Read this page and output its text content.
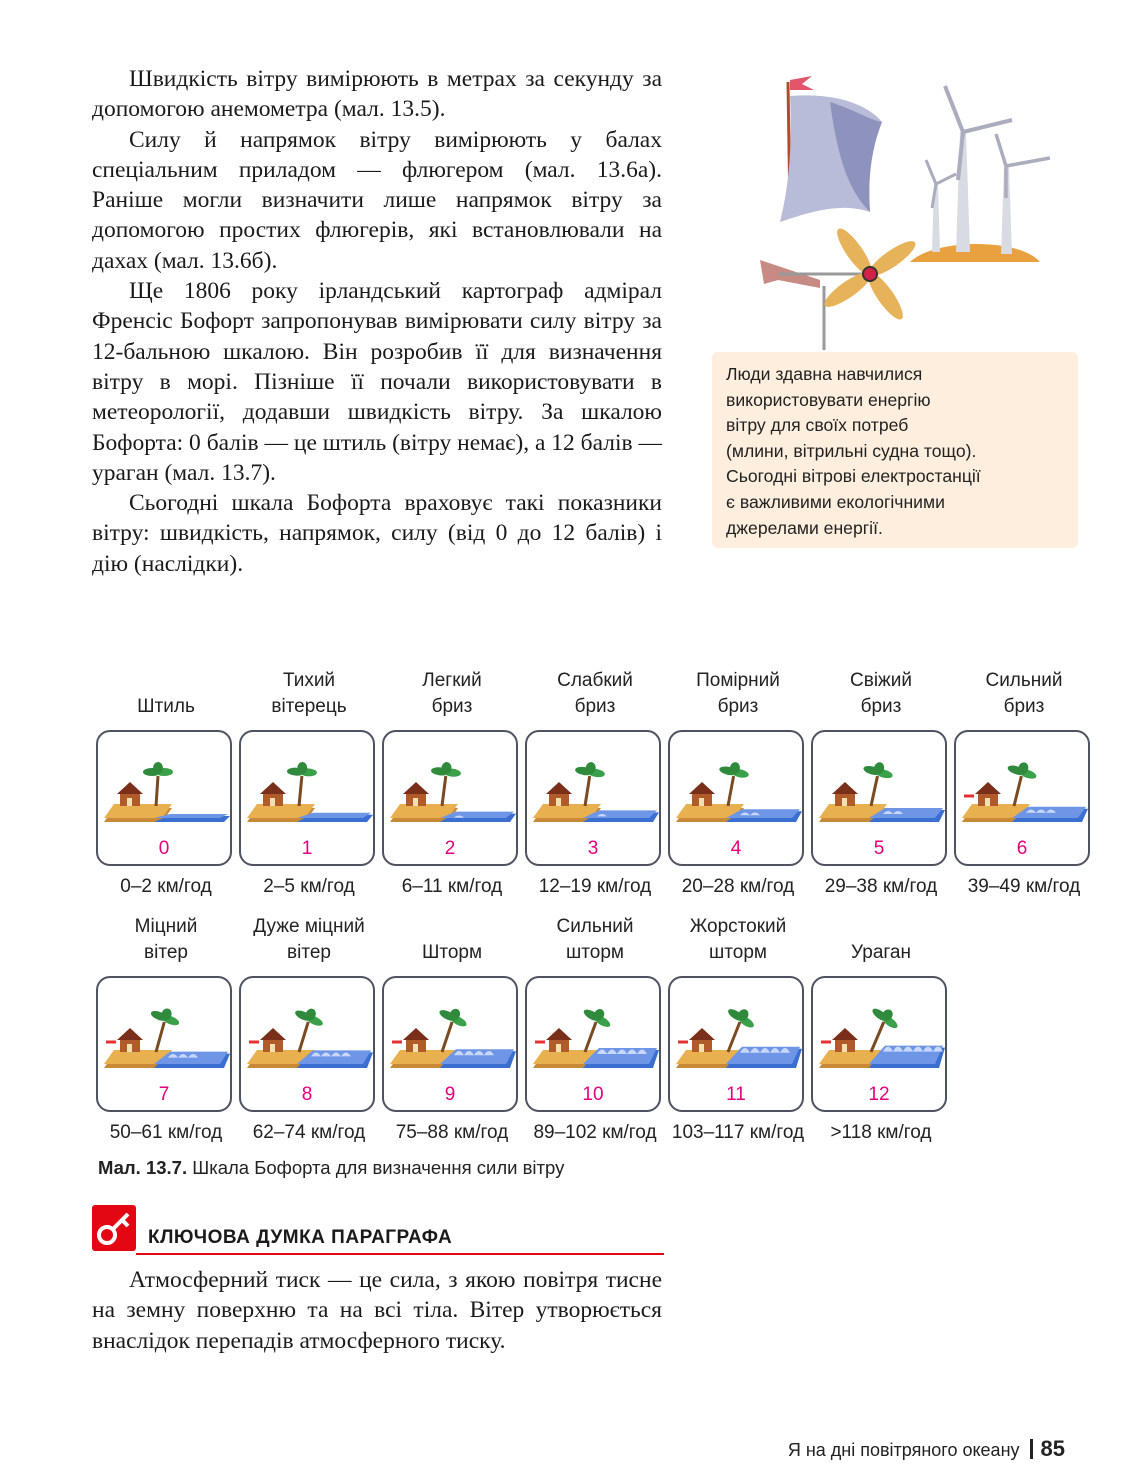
Швидкість вітру вимірюють в метрах за секунду за допомогою анемометра (мал. 13.5).

Силу й напрямок вітру вимірюють у балах спеціальним приладом — флюгером (мал. 13.6а). Раніше могли визначити лише напрямок вітру за допомогою простих флюгерів, які встановлювали на дахах (мал. 13.6б).

Ще 1806 року ірландський картограф адмірал Френсіс Бофорт запропонував вимірювати силу вітру за 12-бальною шкалою. Він розробив її для визначення вітру в морі. Пізніше її почали використовувати в метеорології, додавши швидкість вітру. За шкалою Бофорта: 0 балів — це штиль (вітру немає), а 12 балів — ураган (мал. 13.7).

Сьогодні шкала Бофорта враховує такі показники вітру: швидкість, напрямок, силу (від 0 до 12 балів) і дію (наслідки).

Люди здавна навчилися
використовувати енергію
вітру для своїх потреб
(млини, вітрильні судна тощо).
Сьогодні вітрові електростанції
є важливими екологічними
джерелами енергії.

Штиль
0
0–2 км/год
Тихий
вітерець
1
2–5 км/год
Легкий
бриз
2
6–11 км/год
Слабкий
бриз
3
12–19 км/год
Помірний
бриз
4
20–28 км/год
Свіжий
бриз
5
29–38 км/год
Сильний
бриз
6
39–49 км/год
Міцний
вітер
7
50–61 км/год
Дуже міцний
вітер
8
62–74 км/год

Шторм
9
75–88 км/год
Сильний
шторм
10
89–102 км/год
Жорстокий
шторм
11
103–117 км/год

Ураган
12
>118 км/год
Мал. 13.7. Шкала Бофорта для визначення сили вітру
КЛЮЧОВА ДУМКА ПАРАГРАФА

Атмосферний тиск — це сила, з якою повітря тисне на земну поверхню та на всі тіла. Вітер утворюється внаслідок перепадів атмосферного тиску.

Я на дні повітряного океану 85
